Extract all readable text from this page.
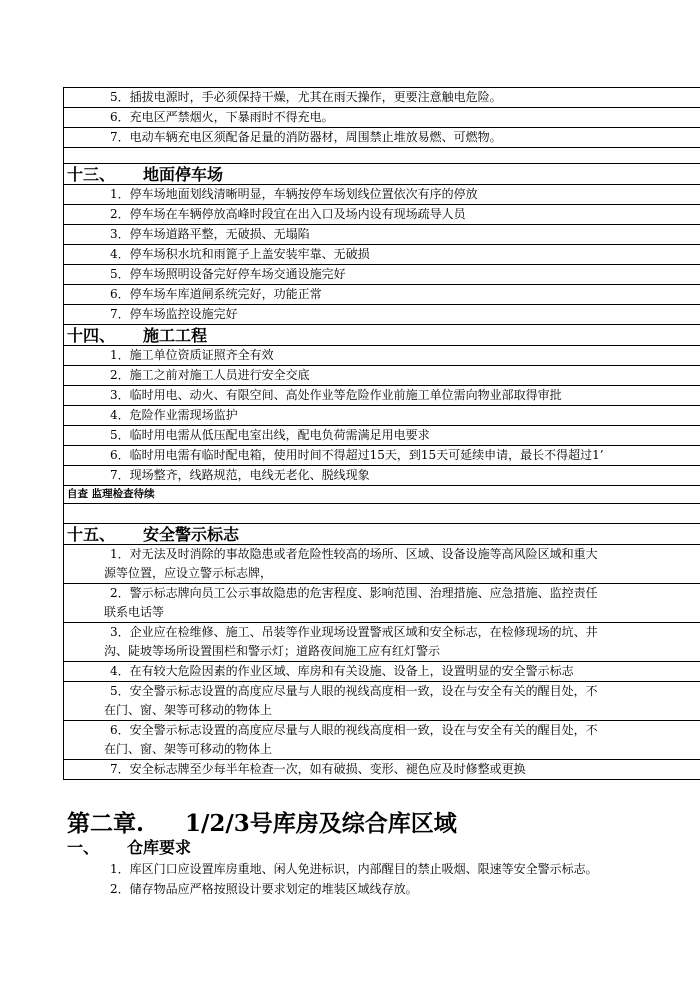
5．插拔电源时，手必须保持干燥，尤其在雨天操作，更要注意触电危险。
6．充电区严禁烟火，下暴雨时不得充电。
7．电动车辆充电区须配备足量的消防器材，周围禁止堆放易燃、可燃物。
十三、 地面停车场
1．停车场地面划线清晰明显，车辆按停车场划线位置依次有序的停放
2．停车场在车辆停放高峰时段宜在出入口及场内设有现场疏导人员
3．停车场道路平整，无破损、无塌陷
4．停车场积水坑和雨篦子上盖安装牢靠、无破损
5．停车场照明设备完好停车场交通设施完好
6．停车场车库道闸系统完好，功能正常
7．停车场监控设施完好
十四、 施工工程
1．施工单位资质证照齐全有效
2．施工之前对施工人员进行安全交底
3．临时用电、动火、有限空间、高处作业等危险作业前施工单位需向物业部取得审批
4．危险作业需现场监护
5．临时用电需从低压配电室出线，配电负荷需满足用电要求
6．临时用电需有临时配电箱，使用时间不得超过15天，到15天可延续申请，最长不得超过1’
7．现场整齐，线路规范，电线无老化、脱线现象
自查 监理检查待续
十五、 安全警示标志
1．对无法及时消除的事故隐患或者危险性较高的场所、区域、设备设施等高风险区域和重大
源等位置，应设立警示标志牌，
2．警示标志牌向员工公示事故隐患的危害程度、影响范围、治理措施、应急措施、监控责任
联系电话等
3．企业应在检维修、施工、吊装等作业现场设置警戒区域和安全标志，在检修现场的坑、井
沟、陡坡等场所设置围栏和警示灯；道路夜间施工应有红灯警示
4．在有较大危险因素的作业区域、库房和有关设施、设备上，设置明显的安全警示标志
5．安全警示标志设置的高度应尽量与人眼的视线高度相一致，设在与安全有关的醒目处，不
在门、窗、架等可移动的物体上
6．安全警示标志设置的高度应尽量与人眼的视线高度相一致，设在与安全有关的醒目处，不
在门、窗、架等可移动的物体上
7．安全标志牌至少每半年检查一次，如有破损、变形、褪色应及时修整或更换
第二章. 1/2/3号库房及综合库区域
一、 仓库要求
1．库区门口应设置库房重地、闲人免进标识，内部醒目的禁止吸烟、限速等安全警示标志。
2．储存物品应严格按照设计要求划定的堆装区域线存放。
